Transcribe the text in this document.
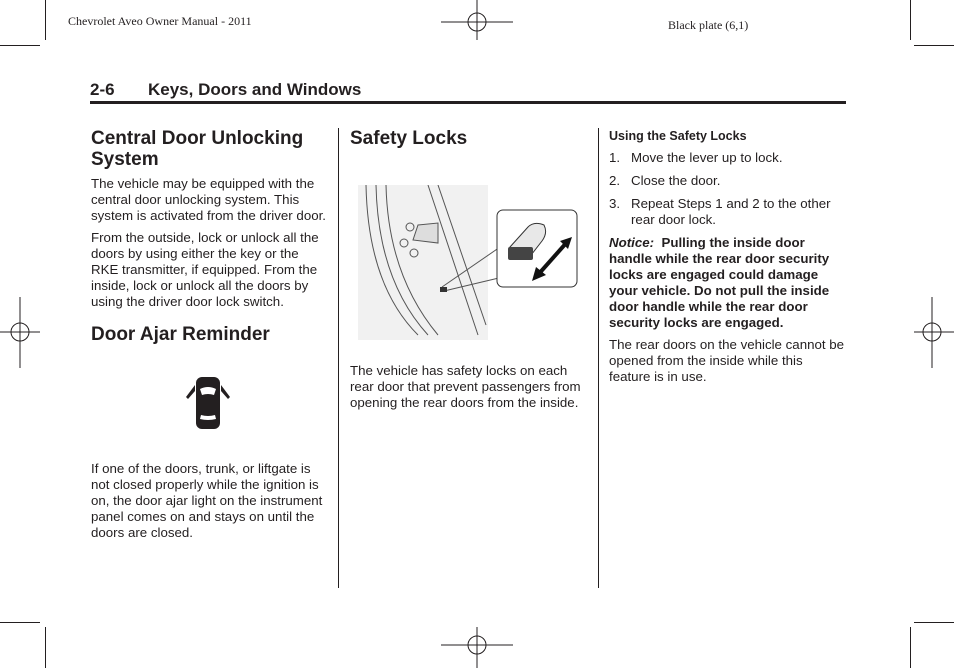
Chevrolet Aveo Owner Manual - 2011	Black plate (6,1)
2-6 Keys, Doors and Windows
Central Door Unlocking System

The vehicle may be equipped with the central door unlocking system. This system is activated from the driver door.

From the outside, lock or unlock all the doors by using either the key or the RKE transmitter, if equipped. From the inside, lock or unlock all the doors by using the driver door lock switch.

Door Ajar Reminder

If one of the doors, trunk, or liftgate is not closed properly while the ignition is on, the door ajar light on the instrument panel comes on and stays on until the doors are closed.

Safety Locks

The vehicle has safety locks on each rear door that prevent passengers from opening the rear doors from the inside.

Using the Safety Locks
1. Move the lever up to lock.
2. Close the door.
3. Repeat Steps 1 and 2 to the other rear door lock.

Notice: Pulling the inside door handle while the rear door security locks are engaged could damage your vehicle. Do not pull the inside door handle while the rear door security locks are engaged.

The rear doors on the vehicle cannot be opened from the inside while this feature is in use.
